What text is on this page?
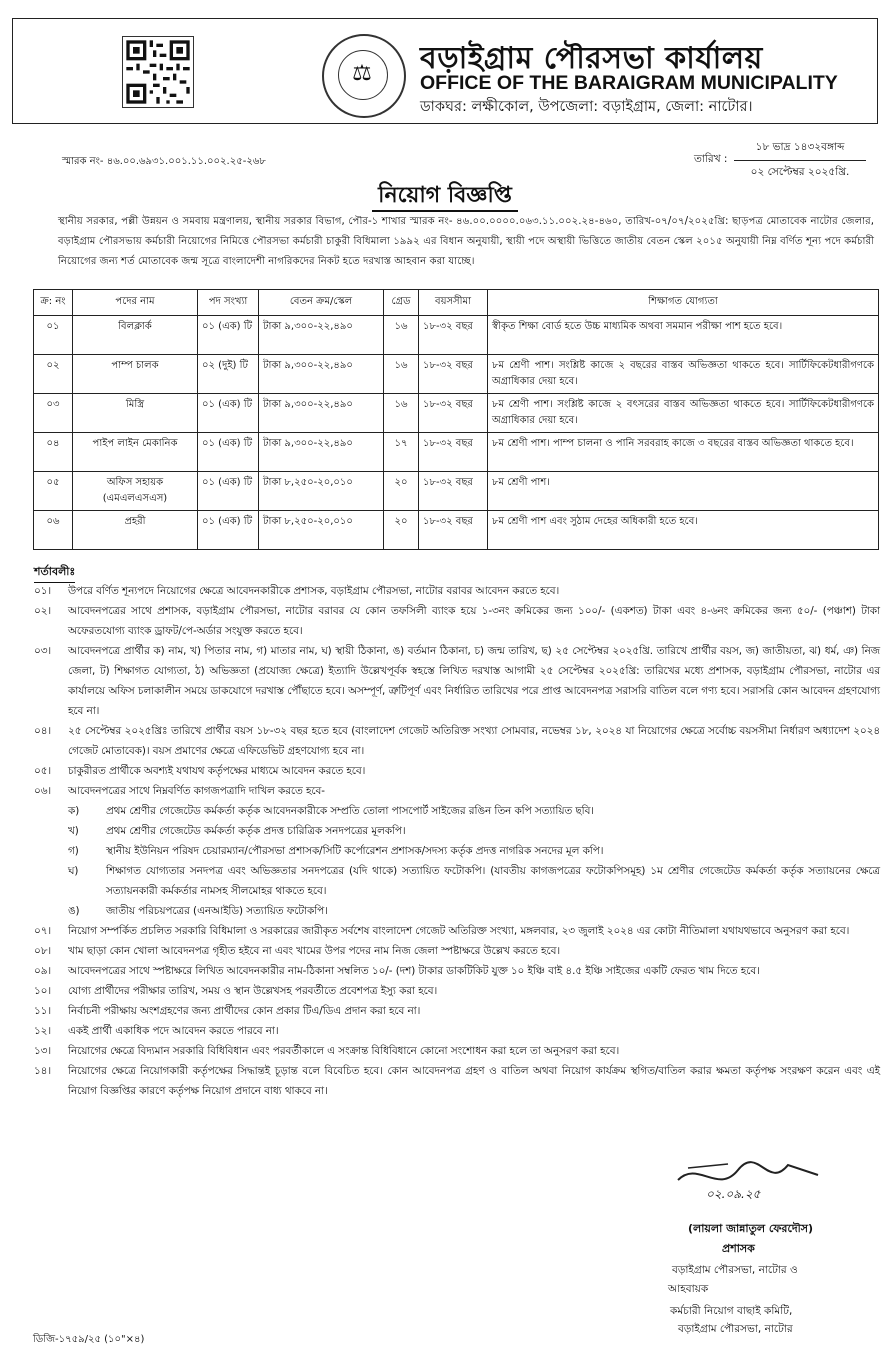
⚖ বড়াইগ্রাম পৌরসভা কার্যালয়
OFFICE OF THE BARAIGRAM MUNICIPALITY
ডাকঘর: লক্ষীকোল, উপজেলা: বড়াইগ্রাম, জেলা: নাটোর।
স্মারক নং- ৪৬.০০.৬৯৩১.০০১.১১.০০২.২৫-২৬৮	তারিখ :
১৮ ভাদ্র ১৪৩২বঙ্গাব্দ
০২ সেপ্টেম্বর ২০২৫খ্রি.
নিয়োগ বিজ্ঞপ্তি
স্থানীয় সরকার, পল্লী উন্নয়ন ও সমবায় মন্ত্রণালয়, স্থানীয় সরকার বিভাগ, পৌর-১ শাখার স্মারক নং- ৪৬.০০.০০০০.০৬৩.১১.০০২.২৪-৪৬০, তারিখ-০৭/০৭/২০২৫খ্রি: ছাড়পত্র মোতাবেক নাটোর জেলার, বড়াইগ্রাম পৌরসভায় কর্মচারী নিয়োগের নিমিত্তে পৌরসভা কর্মচারী চাকুরী বিধিমালা ১৯৯২ এর বিধান অনুযায়ী, স্থায়ী পদে অস্থায়ী ভিত্তিতে জাতীয় বেতন স্কেল ২০১৫ অনুযায়ী নিম্ন বর্ণিত শূন্য পদে কর্মচারী নিয়োগের জন্য শর্ত মোতাবেক জন্ম সূত্রে বাংলাদেশী নাগরিকদের নিকট হতে দরখাস্ত আহবান করা যাচ্ছে।
ক্র: নং	পদের নাম	পদ সংখ্যা	বেতন ক্রম/স্কেল	গ্রেড	বয়সসীমা	শিক্ষাগত যোগ্যতা
০১	বিলক্লার্ক	০১ (এক) টি	টাকা ৯,৩০০-২২,৪৯০	১৬	১৮-৩২ বছর	স্বীকৃত শিক্ষা বোর্ড হতে উচ্চ মাধ্যমিক অথবা সমমান পরীক্ষা পাশ হতে হবে।
০২	পাম্প চালক	০২ (দুই) টি	টাকা ৯,৩০০-২২,৪৯০	১৬	১৮-৩২ বছর	৮ম শ্রেণী পাশ। সংশ্লিষ্ট কাজে ২ বছরের বাস্তব অভিজ্ঞতা থাকতে হবে। সার্টিফিকেটধারীগণকে অগ্রাধিকার দেয়া হবে।
০৩	মিস্ত্রি	০১ (এক) টি	টাকা ৯,৩০০-২২,৪৯০	১৬	১৮-৩২ বছর	৮ম শ্রেণী পাশ। সংশ্লিষ্ট কাজে ২ বৎসরের বাস্তব অভিজ্ঞতা থাকতে হবে। সার্টিফিকেটধারীগণকে অগ্রাধিকার দেয়া হবে।
০৪	পাইপ লাইন মেকানিক	০১ (এক) টি	টাকা ৯,৩০০-২২,৪৯০	১৭	১৮-৩২ বছর	৮ম শ্রেণী পাশ। পাম্প চালনা ও পানি সরবরাহ কাজে ৩ বছরের বাস্তব অভিজ্ঞতা থাকতে হবে।
০৫	অফিস সহায়ক (এমএলএসএস)	০১ (এক) টি	টাকা ৮,২৫০-২০,০১০	২০	১৮-৩২ বছর	৮ম শ্রেণী পাশ।
০৬	প্রহরী	০১ (এক) টি	টাকা ৮,২৫০-২০,০১০	২০	১৮-৩২ বছর	৮ম শ্রেণী পাশ এবং সুঠাম দেহের অধিকারী হতে হবে।
শর্তাবলীঃ
০১।	উপরে বর্ণিত শূন্যপদে নিয়োগের ক্ষেত্রে আবেদনকারীকে প্রশাসক, বড়াইগ্রাম পৌরসভা, নাটোর বরাবর আবেদন করতে হবে।
০২।	আবেদনপত্রের সাথে প্রশাসক, বড়াইগ্রাম পৌরসভা, নাটোর বরাবর যে কোন তফসিলী ব্যাংক হয়ে ১-৩নং ক্রমিকের জন্য ১০০/- (একশত) টাকা এবং ৪-৬নং ক্রমিকের জন্য ৫০/- (পঞ্চাশ) টাকা অফেরতযোগ্য ব্যাংক ড্রাফট/পে-অর্ডার সংযুক্ত করতে হবে।
০৩।	আবেদনপত্রে প্রার্থীর ক) নাম, খ) পিতার নাম, গ) মাতার নাম, ঘ) স্থায়ী ঠিকানা, ঙ) বর্তমান ঠিকানা, চ) জন্ম তারিখ, ছ) ২৫ সেপ্টেম্বর ২০২৫খ্রি. তারিখে প্রার্থীর বয়স, জ) জাতীয়তা, ঝ) ধর্ম, ঞ) নিজ জেলা, ট) শিক্ষাগত যোগ্যতা, ঠ) অভিজ্ঞতা (প্রযোজ্য ক্ষেত্রে) ইত্যাদি উল্লেখপূর্বক স্বহস্তে লিখিত দরখাস্ত আগামী ২৫ সেপ্টেম্বর ২০২৫খ্রি: তারিখের মধ্যে প্রশাসক, বড়াইগ্রাম পৌরসভা, নাটোর এর কার্যালয়ে অফিস চলাকালীন সময়ে ডাকযোগে দরখাস্ত পৌঁছাতে হবে। অসম্পূর্ণ, ত্রুটিপূর্ণ এবং নির্ধারিত তারিখের পরে প্রাপ্ত আবেদনপত্র সরাসরি বাতিল বলে গণ্য হবে। সরাসরি কোন আবেদন গ্রহণযোগ্য হবে না।
০৪।	২৫ সেপ্টেম্বর ২০২৫খ্রিঃ তারিখে প্রার্থীর বয়স ১৮-৩২ বছর হতে হবে (বাংলাদেশ গেজেট অতিরিক্ত সংখ্যা সোমবার, নভেম্বর ১৮, ২০২৪ যা নিয়োগের ক্ষেত্রে সর্বোচ্চ বয়সসীমা নির্ধারণ অধ্যাদেশ ২০২৪ গেজেট মোতাবেক)। বয়স প্রমাণের ক্ষেত্রে এফিডেভিট গ্রহণযোগ্য হবে না।
০৫।	চাকুরীরত প্রার্থীকে অবশ্যই যথাযথ কর্তৃপক্ষের মাধ্যমে আবেদন করতে হবে।
০৬।	আবেদনপত্রের সাথে নিম্নবর্ণিত কাগজপত্রাদি দাখিল করতে হবে-
ক)	প্রথম শ্রেণীর গেজেটেড কর্মকর্তা কর্তৃক আবেদনকারীকে সম্প্রতি তোলা পাসপোর্ট সাইজের রঙিন তিন কপি সত্যায়িত ছবি।
খ)	প্রথম শ্রেণীর গেজেটেড কর্মকর্তা কর্তৃক প্রদত্ত চারিত্রিক সনদপত্রের মূলকপি।
গ)	স্থানীয় ইউনিয়ন পরিষদ চেয়ারম্যান/পৌরসভা প্রশাসক/সিটি কর্পোরেশন প্রশাসক/সদস্য কর্তৃক প্রদত্ত নাগরিক সনদের মূল কপি।
ঘ)	শিক্ষাগত যোগ্যতার সনদপত্র এবং অভিজ্ঞতার সনদপত্রের (যদি থাকে) সত্যায়িত ফটোকপি। (যাবতীয় কাগজপত্রের ফটোকপিসমূহ) ১ম শ্রেণীর গেজেটেড কর্মকর্তা কর্তৃক সত্যায়নের ক্ষেত্রে সত্যায়নকারী কর্মকর্তার নামসহ সীলমোহর থাকতে হবে।
ঙ)	জাতীয় পরিচয়পত্রের (এনআইডি) সত্যায়িত ফটোকপি।
০৭।	নিয়োগ সম্পর্কিত প্রচলিত সরকারি বিধিমালা ও সরকারের জারীকৃত সর্বশেষ বাংলাদেশ গেজেট অতিরিক্ত সংখ্যা, মঙ্গলবার, ২৩ জুলাই ২০২৪ এর কোটা নীতিমালা যথাযথভাবে অনুসরণ করা হবে।
০৮।	খাম ছাড়া কোন খোলা আবেদনপত্র গৃহীত হইবে না এবং খামের উপর পদের নাম নিজ জেলা স্পষ্টাক্ষরে উল্লেখ করতে হবে।
০৯।	আবেদনপত্রের সাথে স্পষ্টাক্ষরে লিখিত আবেদনকারীর নাম-ঠিকানা সম্বলিত ১০/- (দশ) টাকার ডাকটিকিট যুক্ত ১০ ইঞ্চি বাই ৪.৫ ইঞ্চি সাইজের একটি ফেরত খাম দিতে হবে।
১০।	যোগ্য প্রার্থীদের পরীক্ষার তারিখ, সময় ও স্থান উল্লেখসহ পরবর্তীতে প্রবেশপত্র ইস্যু করা হবে।
১১।	নির্বাচনী পরীক্ষায় অংশগ্রহণের জন্য প্রার্থীদের কোন প্রকার টিএ/ডিএ প্রদান করা হবে না।
১২।	একই প্রার্থী একাধিক পদে আবেদন করতে পারবে না।
১৩।	নিয়োগের ক্ষেত্রে বিদ্যমান সরকারি বিধিবিধান এবং পরবর্তীকালে এ সংক্রান্ত বিধিবিধানে কোনো সংশোধন করা হলে তা অনুসরণ করা হবে।
১৪।	নিয়োগের ক্ষেত্রে নিয়োগকারী কর্তৃপক্ষের সিদ্ধান্তই চূড়ান্ত বলে বিবেচিত হবে। কোন আবেদনপত্র গ্রহণ ও বাতিল অথবা নিয়োগ কার্যক্রম স্থগিত/বাতিল করার ক্ষমতা কর্তৃপক্ষ সংরক্ষণ করেন এবং এই নিয়োগ বিজ্ঞপ্তির কারণে কর্তৃপক্ষ নিয়োগ প্রদানে বাধ্য থাকবে না।
০২.০৯.২৫
(লায়লা জান্নাতুল ফেরদৌস)
প্রশাসক
বড়াইগ্রাম পৌরসভা, নাটোর ও
আহবায়ক
কর্মচারী নিয়োগ বাছাই কমিটি,
বড়াইগ্রাম পৌরসভা, নাটোর
ডিজি-১৭৫৯/২৫ (১০"×৪)
